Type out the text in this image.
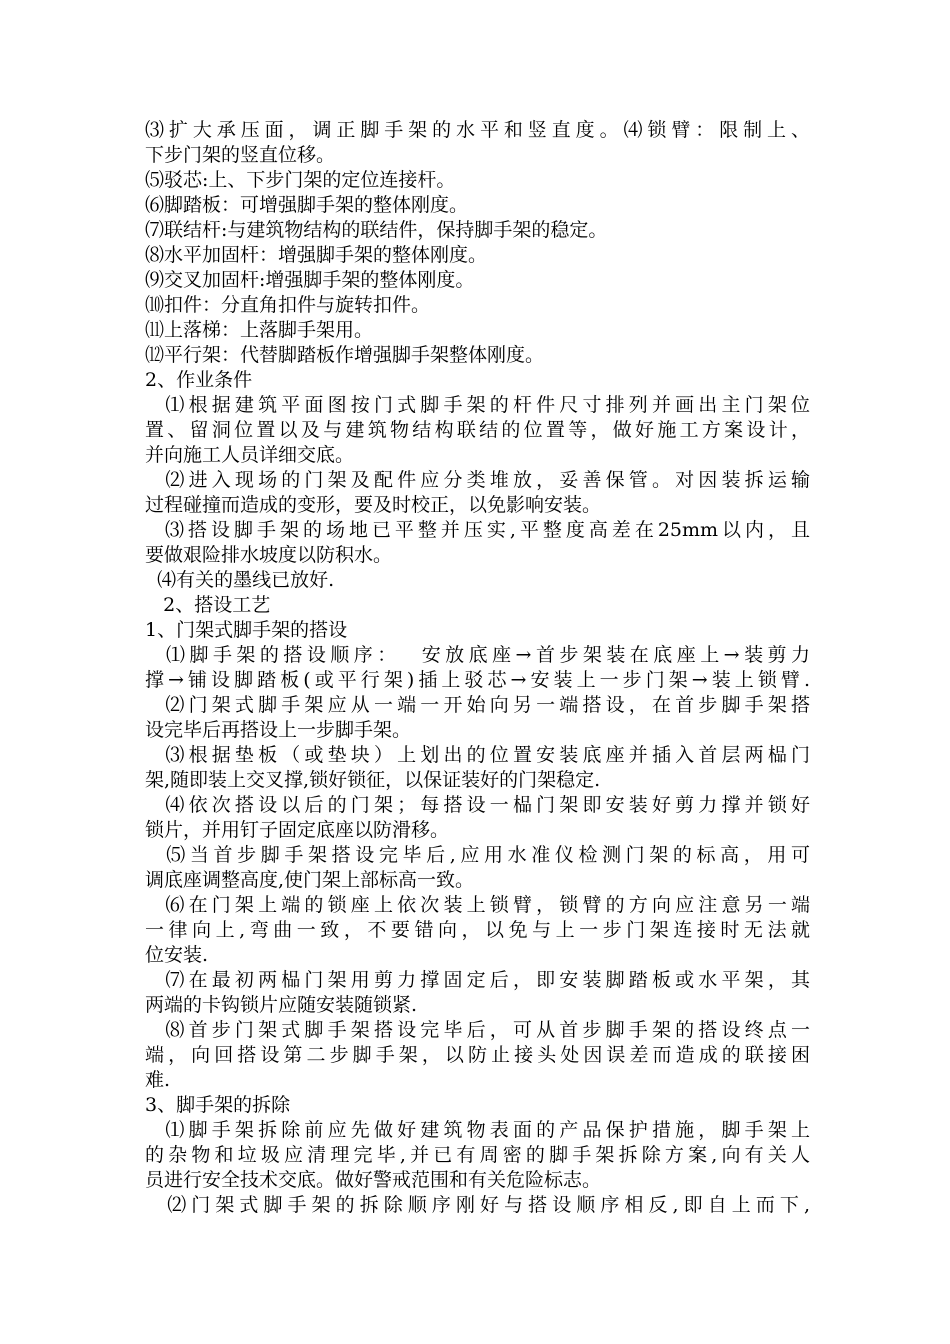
⑶扩大承压面，调正脚手架的水平和竖直度。⑷锁臂：限制上、
下步门架的竖直位移。
⑸驳芯:上、下步门架的定位连接杆。
⑹脚踏板：可增强脚手架的整体刚度。
⑺联结杆:与建筑物结构的联结件，保持脚手架的稳定。
⑻水平加固杆：增强脚手架的整体刚度。
⑼交叉加固杆:增强脚手架的整体刚度。
⑽扣件：分直角扣件与旋转扣件。
⑾上落梯：上落脚手架用。
⑿平行架：代替脚踏板作增强脚手架整体刚度。
2、作业条件
⑴根据建筑平面图按门式脚手架的杆件尺寸排列并画出主门架位
置、留洞位置以及与建筑物结构联结的位置等，做好施工方案设计，
并向施工人员详细交底。
⑵进入现场的门架及配件应分类堆放，妥善保管。对因装拆运输
过程碰撞而造成的变形，要及时校正，以免影响安装。
⑶搭设脚手架的场地已平整并压实,平整度高差在25mm以内，且
要做艰险排水坡度以防积水。
⑷有关的墨线已放好.
2、搭设工艺
1、门架式脚手架的搭设
⑴脚手架的搭设顺序：  安放底座→首步架装在底座上→装剪力
撑→铺设脚踏板(或平行架)插上驳芯→安装上一步门架→装上锁臂.
⑵门架式脚手架应从一端一开始向另一端搭设，在首步脚手架搭
设完毕后再搭设上一步脚手架。
⑶根据垫板（或垫块）上划出的位置安装底座并插入首层两榀门
架,随即装上交叉撑,锁好锁征，以保证装好的门架稳定.
⑷依次搭设以后的门架；每搭设一榀门架即安装好剪力撑并锁好
锁片，并用钉子固定底座以防滑移。
⑸当首步脚手架搭设完毕后,应用水准仪检测门架的标高，用可
调底座调整高度,使门架上部标高一致。
⑹在门架上端的锁座上依次装上锁臂，锁臂的方向应注意另一端
一律向上,弯曲一致，不要错向，以免与上一步门架连接时无法就
位安装.
⑺在最初两榀门架用剪力撑固定后，即安装脚踏板或水平架，其
两端的卡钩锁片应随安装随锁紧.
⑻首步门架式脚手架搭设完毕后，可从首步脚手架的搭设终点一
端，向回搭设第二步脚手架，以防止接头处因误差而造成的联接困
难.
3、脚手架的拆除
⑴脚手架拆除前应先做好建筑物表面的产品保护措施，脚手架上
的杂物和垃圾应清理完毕,并已有周密的脚手架拆除方案,向有关人
员进行安全技术交底。做好警戒范围和有关危险标志。
⑵门架式脚手架的拆除顺序刚好与搭设顺序相反,即自上而下,
